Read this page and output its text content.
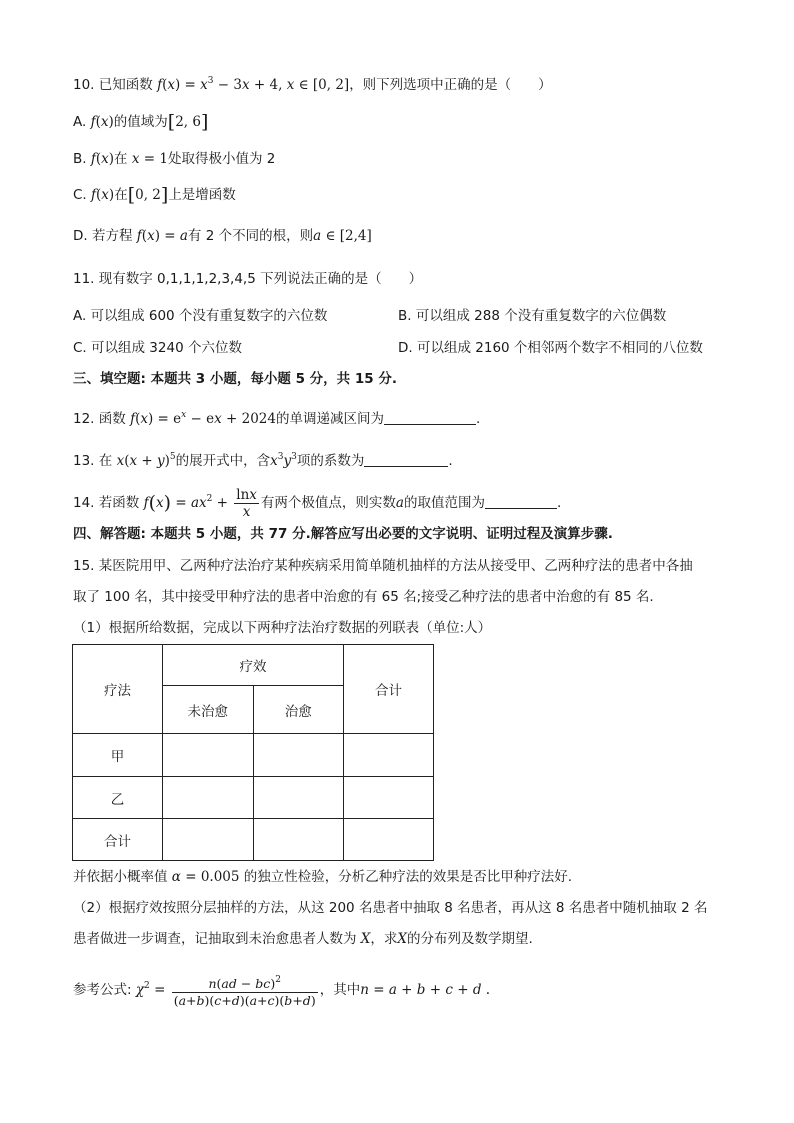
10. 已知函数 $f(x) = x^3 - 3x + 4$, x ∈ [0, 2]，则下列选项中正确的是（　　）
A. f(x)的值域为[2, 6]
B. f(x)在 x = 1处取得极小值为 2
C. f(x)在[0, 2]上是增函数
D. 若方程 f(x) = a有 2 个不同的根，则a ∈ [2,4]
11. 现有数字 0,1,1,1,2,3,4,5 下列说法正确的是（　　）
A. 可以组成 600 个没有重复数字的六位数	B. 可以组成 288 个没有重复数字的六位偶数
C. 可以组成 3240 个六位数	D. 可以组成 2160 个相邻两个数字不相同的八位数
三、填空题: 本题共 3 小题，每小题 5 分，共 15 分.
12. 函数 $f(x) = e^x$ − ex + 2024的单调递减区间为	.
13. 在 $x(x + y)^5$的展开式中，含$x^3y^3$项的系数为	.
14. 若函数 $f(x) = ax^2 + \frac{\ln x}{x}$ 有两个极值点，则实数a的取值范围为	.
四、解答题: 本题共 5 小题，共 77 分.解答应写出必要的文字说明、证明过程及演算步骤.
15. 某医院用甲、乙两种疗法治疗某种疾病采用简单随机抽样的方法从接受甲、乙两种疗法的患者中各抽
取了 100 名，其中接受甲种疗法的患者中治愈的有 65 名;接受乙种疗法的患者中治愈的有 85 名.
（1）根据所给数据，完成以下两种疗法治疗数据的列联表（单位:人）
疗法	疗效		合计
	未治愈	治愈	
甲			
乙			
合计			
并依据小概率值 α = 0.005 的独立性检验，分析乙种疗法的效果是否比甲种疗法好.
（2）根据疗效按照分层抽样的方法，从这 200 名患者中抽取 8 名患者，再从这 8 名患者中随机抽取 2 名
患者做进一步调查，记抽取到未治愈患者人数为 X，求X的分布列及数学期望.
参考公式: $\chi^2 = \frac{n(ad - bc)^2}{(a+b)(c+d)(a+c)(b+d)}$ ，其中n = a + b + c + d .
